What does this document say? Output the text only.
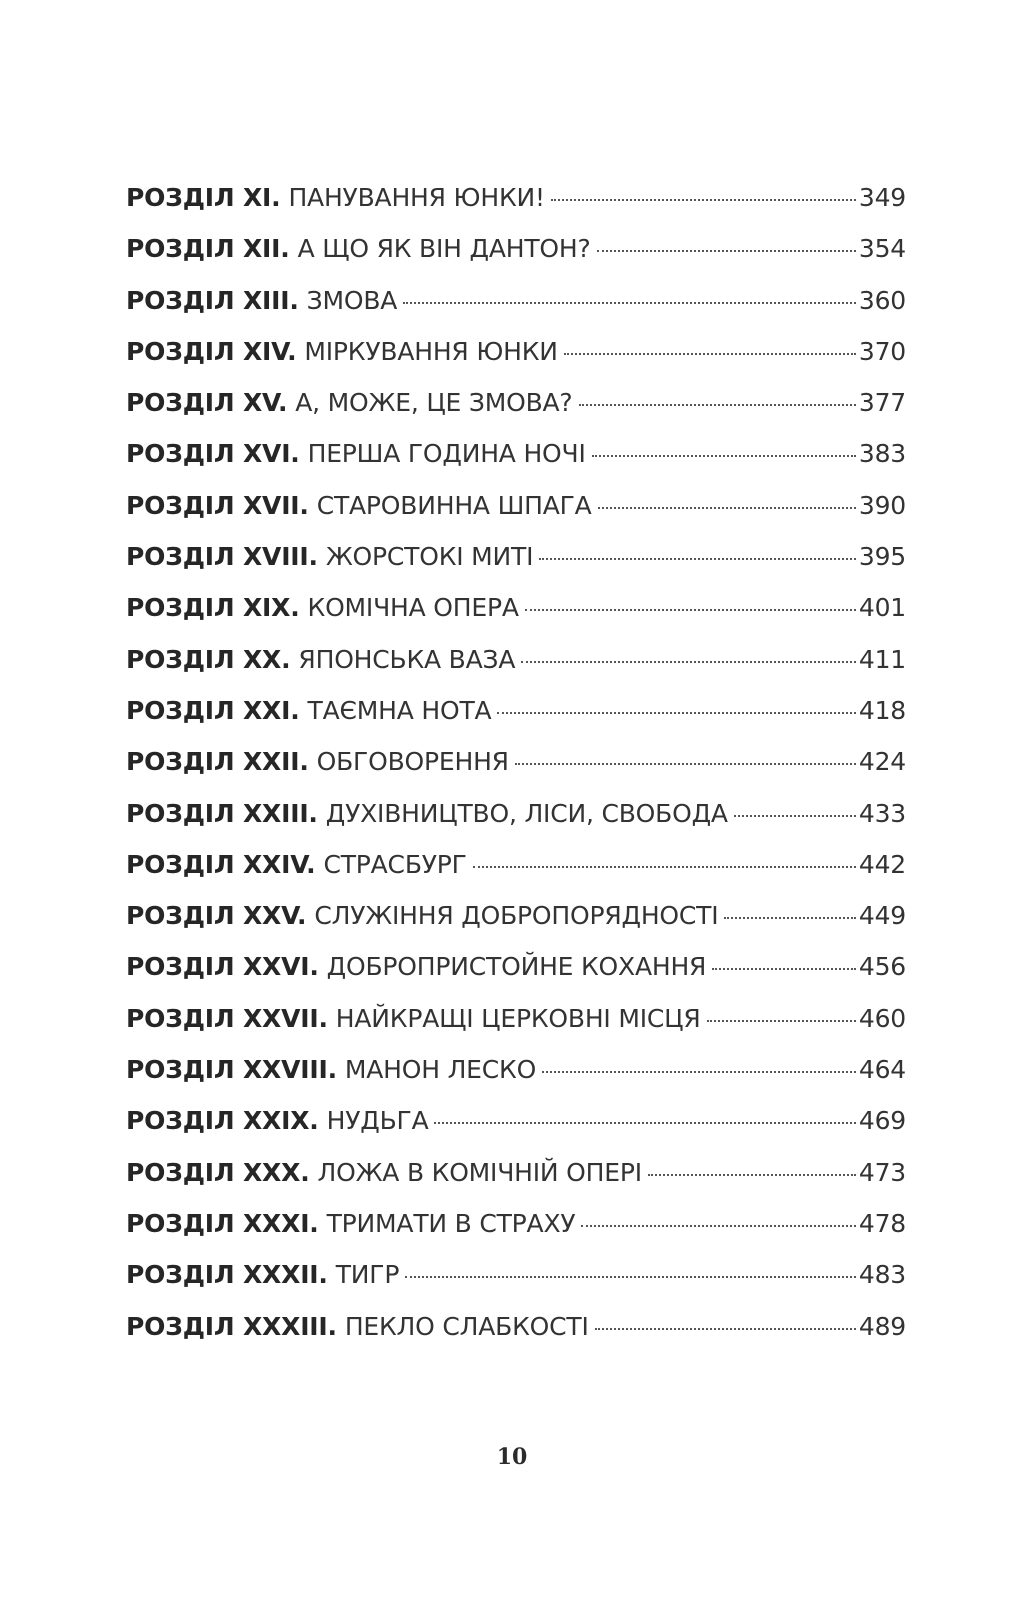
РОЗДІЛ XI. ПАНУВАННЯ ЮНКИ!	349
РОЗДІЛ XII. А ЩО ЯК ВІН ДАНТОН?	354
РОЗДІЛ XIII. ЗМОВА	360
РОЗДІЛ XIV. МІРКУВАННЯ ЮНКИ	370
РОЗДІЛ XV. А, МОЖЕ, ЦЕ ЗМОВА?	377
РОЗДІЛ XVI. ПЕРША ГОДИНА НОЧІ	383
РОЗДІЛ XVII. СТАРОВИННА ШПАГА	390
РОЗДІЛ XVIII. ЖОРСТОКІ МИТІ	395
РОЗДІЛ XIX. КОМІЧНА ОПЕРА	401
РОЗДІЛ XX. ЯПОНСЬКА ВАЗА	411
РОЗДІЛ XXI. ТАЄМНА НОТА	418
РОЗДІЛ XXII. ОБГОВОРЕННЯ	424
РОЗДІЛ XXIII. ДУХІВНИЦТВО, ЛІСИ, СВОБОДА	433
РОЗДІЛ XXIV. СТРАСБУРГ	442
РОЗДІЛ XXV. СЛУЖІННЯ ДОБРОПОРЯДНОСТІ	449
РОЗДІЛ XXVI. ДОБРОПРИСТОЙНЕ КОХАННЯ	456
РОЗДІЛ XXVII. НАЙКРАЩІ ЦЕРКОВНІ МІСЦЯ	460
РОЗДІЛ XXVIII. МАНОН ЛЕСКО	464
РОЗДІЛ XXIX. НУДЬГА	469
РОЗДІЛ XXX. ЛОЖА В КОМІЧНІЙ ОПЕРІ	473
РОЗДІЛ XXXI. ТРИМАТИ В СТРАХУ	478
РОЗДІЛ XXXII. ТИГР	483
РОЗДІЛ XXXIII. ПЕКЛО СЛАБКОСТІ	489
10
